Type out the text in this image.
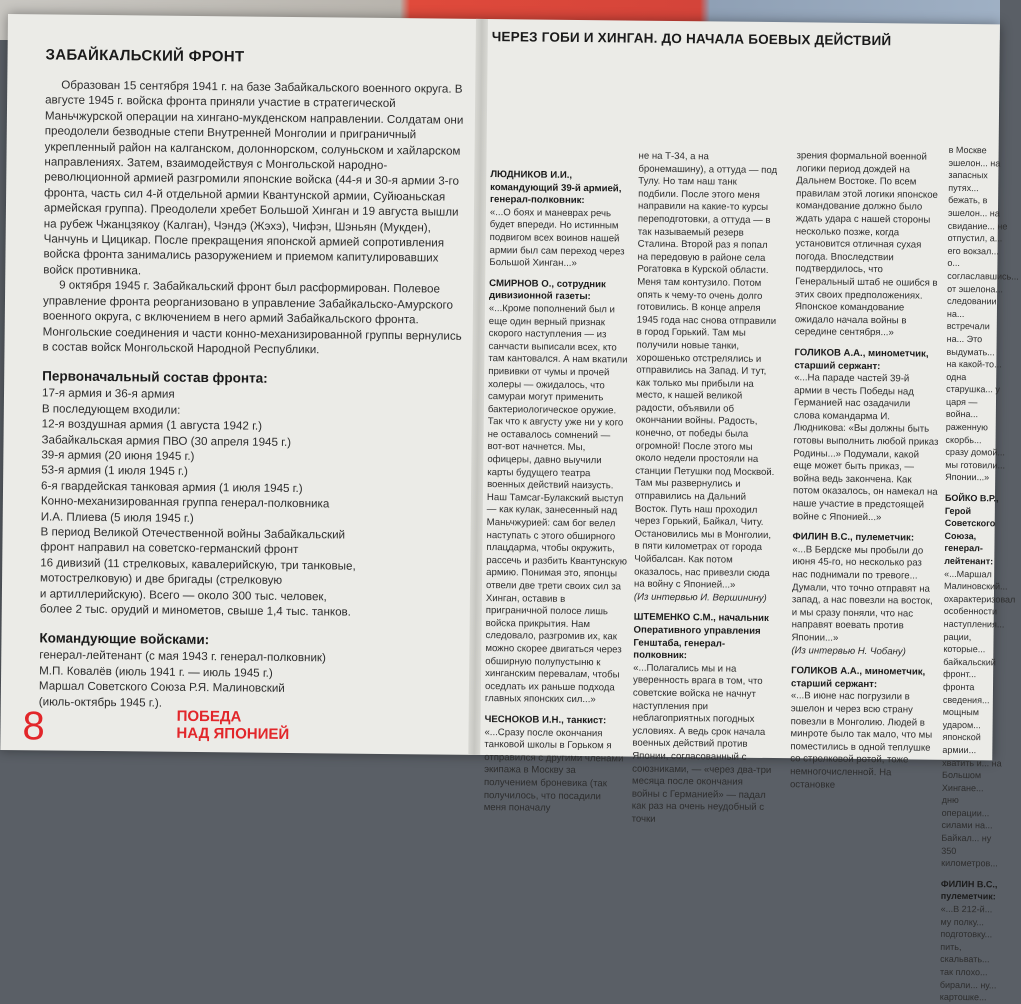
ЗАБАЙКАЛЬСКИЙ ФРОНТ

Образован 15 сентября 1941 г. на базе Забайкальского военного округа. В августе 1945 г. войска фронта приняли участие в стратегической Маньчжурской операции на хингано-мукденском направлении. Солдатам они преодолели безводные степи Внутренней Монголии и приграничный укрепленный район на калганском, долоннорском, солуньском и хайларском направлениях. Затем, взаимодействуя с Монгольской народно-революционной армией разгромили японские войска (44-я и 30-я армии 3-го фронта, часть сил 4-й отдельной армии Квантунской армии, Суйюаньская армейская группа). Преодолели хребет Большой Хинган и 19 августа вышли на рубеж Чжанцзякоу (Калган), Чэндэ (Жэхэ), Чифэн, Шэньян (Мукден), Чанчунь и Цицикар. После прекращения японской армией сопротивления войска фронта занимались разоружением и приемом капитулировавших войск противника.

9 октября 1945 г. Забайкальский фронт был расформирован. Полевое управление фронта реорганизовано в управление Забайкальско-Амурского военного округа, с включением в него армий Забайкальского фронта. Монгольские соединения и части конно-механизированной группы вернулись в состав войск Монгольской Народной Республики.

Первоначальный состав фронта:
17-я армия и 36-я армия
В последующем входили:
12-я воздушная армия (1 августа 1942 г.)
Забайкальская армия ПВО (30 апреля 1945 г.)
39-я армия (20 июня 1945 г.)
53-я армия (1 июля 1945 г.)
6-я гвардейская танковая армия (1 июля 1945 г.)
Конно-механизированная группа генерал-полковника
И.А. Плиева (5 июля 1945 г.)
В период Великой Отечественной войны Забайкальский
фронт направил на советско-германский фронт
16 дивизий (11 стрелковых, кавалерийскую, три танковые,
мотострелковую) и две бригады (стрелковую
и артиллерийскую). Всего — около 300 тыс. человек,
более 2 тыс. орудий и минометов, свыше 1,4 тыс. танков.
Командующие войсками:
генерал-лейтенант (с мая 1943 г. генерал-полковник)
М.П. Ковалёв (июль 1941 г. — июль 1945 г.)
Маршал Советского Союза Р.Я. Малиновский
(июль-октябрь 1945 г.).
8	ПОБЕДА
НАД ЯПОНИЕЙ
ЧЕРЕЗ ГОБИ И ХИНГАН. ДО НАЧАЛА БОЕВЫХ ДЕЙСТВИЙ
ЛЮДНИКОВ И.И., командующий 39-й армией, генерал-полковник:

«...О боях и маневрах речь будет впереди. Но истинным подвигом всех воинов нашей армии был сам переход через Большой Хинган...»

СМИРНОВ О., сотрудник дивизионной газеты:

«...Кроме пополнений был и еще один верный признак скорого наступления — из санчасти выписали всех, кто там кантовался. А нам вкатили прививки от чумы и прочей холеры — ожидалось, что самураи могут применить бактериологическое оружие. Так что к августу уже ни у кого не оставалось сомнений — вот-вот начнется. Мы, офицеры, давно выучили карты будущего театра военных действий наизусть. Наш Тамсаг-Булакский выступ — как кулак, занесенный над Маньчжурией: сам бог велел наступать с этого обширного плацдарма, чтобы окружить, рассечь и разбить Квантунскую армию. Понимая это, японцы отвели две трети своих сил за Хинган, оставив в приграничной полосе лишь войска прикрытия. Нам следовало, разгромив их, как можно скорее двигаться через обширную полупустыню к хинганским перевалам, чтобы оседлать их раньше подхода главных японских сил...»

ЧЕСНОКОВ И.Н., танкист:

«...Сразу после окончания танковой школы в Горьком я отправился с другими членами экипажа в Москву за получением броневика (так получилось, что посадили меня поначалу

не на Т-34, а на бронемашину), а оттуда — под Тулу. Но там наш танк подбили. После этого меня направили на какие-то курсы переподготовки, а оттуда — в так называемый резерв Сталина. Второй раз я попал на передовую в районе села Рогатовка в Курской области. Меня там контузило. Потом опять к чему-то очень долго готовились. В конце апреля 1945 года нас снова отправили в город Горький. Там мы получили новые танки, хорошенько отстрелялись и отправились на Запад. И тут, как только мы прибыли на место, к нашей великой радости, объявили об окончании войны. Радость, конечно, от победы была огромной! После этого мы около недели простояли на станции Петушки под Москвой. Там мы развернулись и отправились на Дальний Восток. Путь наш проходил через Горький, Байкал, Читу. Остановились мы в Монголии, в пяти километрах от города Чойбалсан. Как потом оказалось, нас привезли сюда на войну с Японией...»

(Из интервью И. Вершинину)

ШТЕМЕНКО С.М., начальник Оперативного управления Генштаба, генерал-полковник:

«...Полагались мы и на уверенность врага в том, что советские войска не начнут наступления при неблагоприятных погодных условиях. А ведь срок начала военных действий против Японии, согласованный с союзниками, — «через два-три месяца после окончания войны с Германией» — падал как раз на очень неудобный с точки

зрения формальной военной логики период дождей на Дальнем Востоке. По всем правилам этой логики японское командование должно было ждать удара с нашей стороны несколько позже, когда установится отличная сухая погода. Впоследствии подтвердилось, что Генеральный штаб не ошибся в этих своих предположениях. Японское командование ожидало начала войны в середине сентября...»

ГОЛИКОВ А.А., минометчик, старший сержант:

«...На параде частей 39-й армии в честь Победы над Германией нас озадачили слова командарма И. Людникова: «Вы должны быть готовы выполнить любой приказ Родины...» Подумали, какой еще может быть приказ, — война ведь закончена. Как потом оказалось, он намекал на наше участие в предстоящей войне с Японией...»

ФИЛИН В.С., пулеметчик:

«...В Бердске мы пробыли до июня 45-го, но несколько раз нас поднимали по тревоге... Думали, что точно отправят на запад, а нас повезли на восток, и мы сразу поняли, что нас направят воевать против Японии...»

(Из интервью Н. Чобану)

ГОЛИКОВ А.А., минометчик, старший сержант:

«...В июне нас погрузили в эшелон и через всю страну повезли в Монголию. Людей в минроте было так мало, что мы поместились в одной теплушке со стрелковой ротой, тоже немногочисленной. На остановке

в Москве эшелон... на запасных путях... бежать, в эшелон... на свидание... не отпустил, а... его вокзал... о... соглаславшись... от эшелона... следовании на... встречали на... Это выдумать... на какой-то... одна старушка... у царя — война... раженную скорбь... сразу домой... мы готовили... Японии...»

БОЙКО В.Р., Герой Советского Союза, генерал-лейтенант:

«...Маршал Малиновский... охарактеризовал особенности наступления... рации, которые... байкальский фронт... фронта сведения... мощным ударом... японской армии... хватить и... на Большом Хингане... дню операции... силами на... Байкал... ну 350 километров...

ФИЛИН В.С., пулеметчик:

«...В 212-й... му полку... подготовку... пить, скальвать... так плохо... бирали... ну... картошке...
